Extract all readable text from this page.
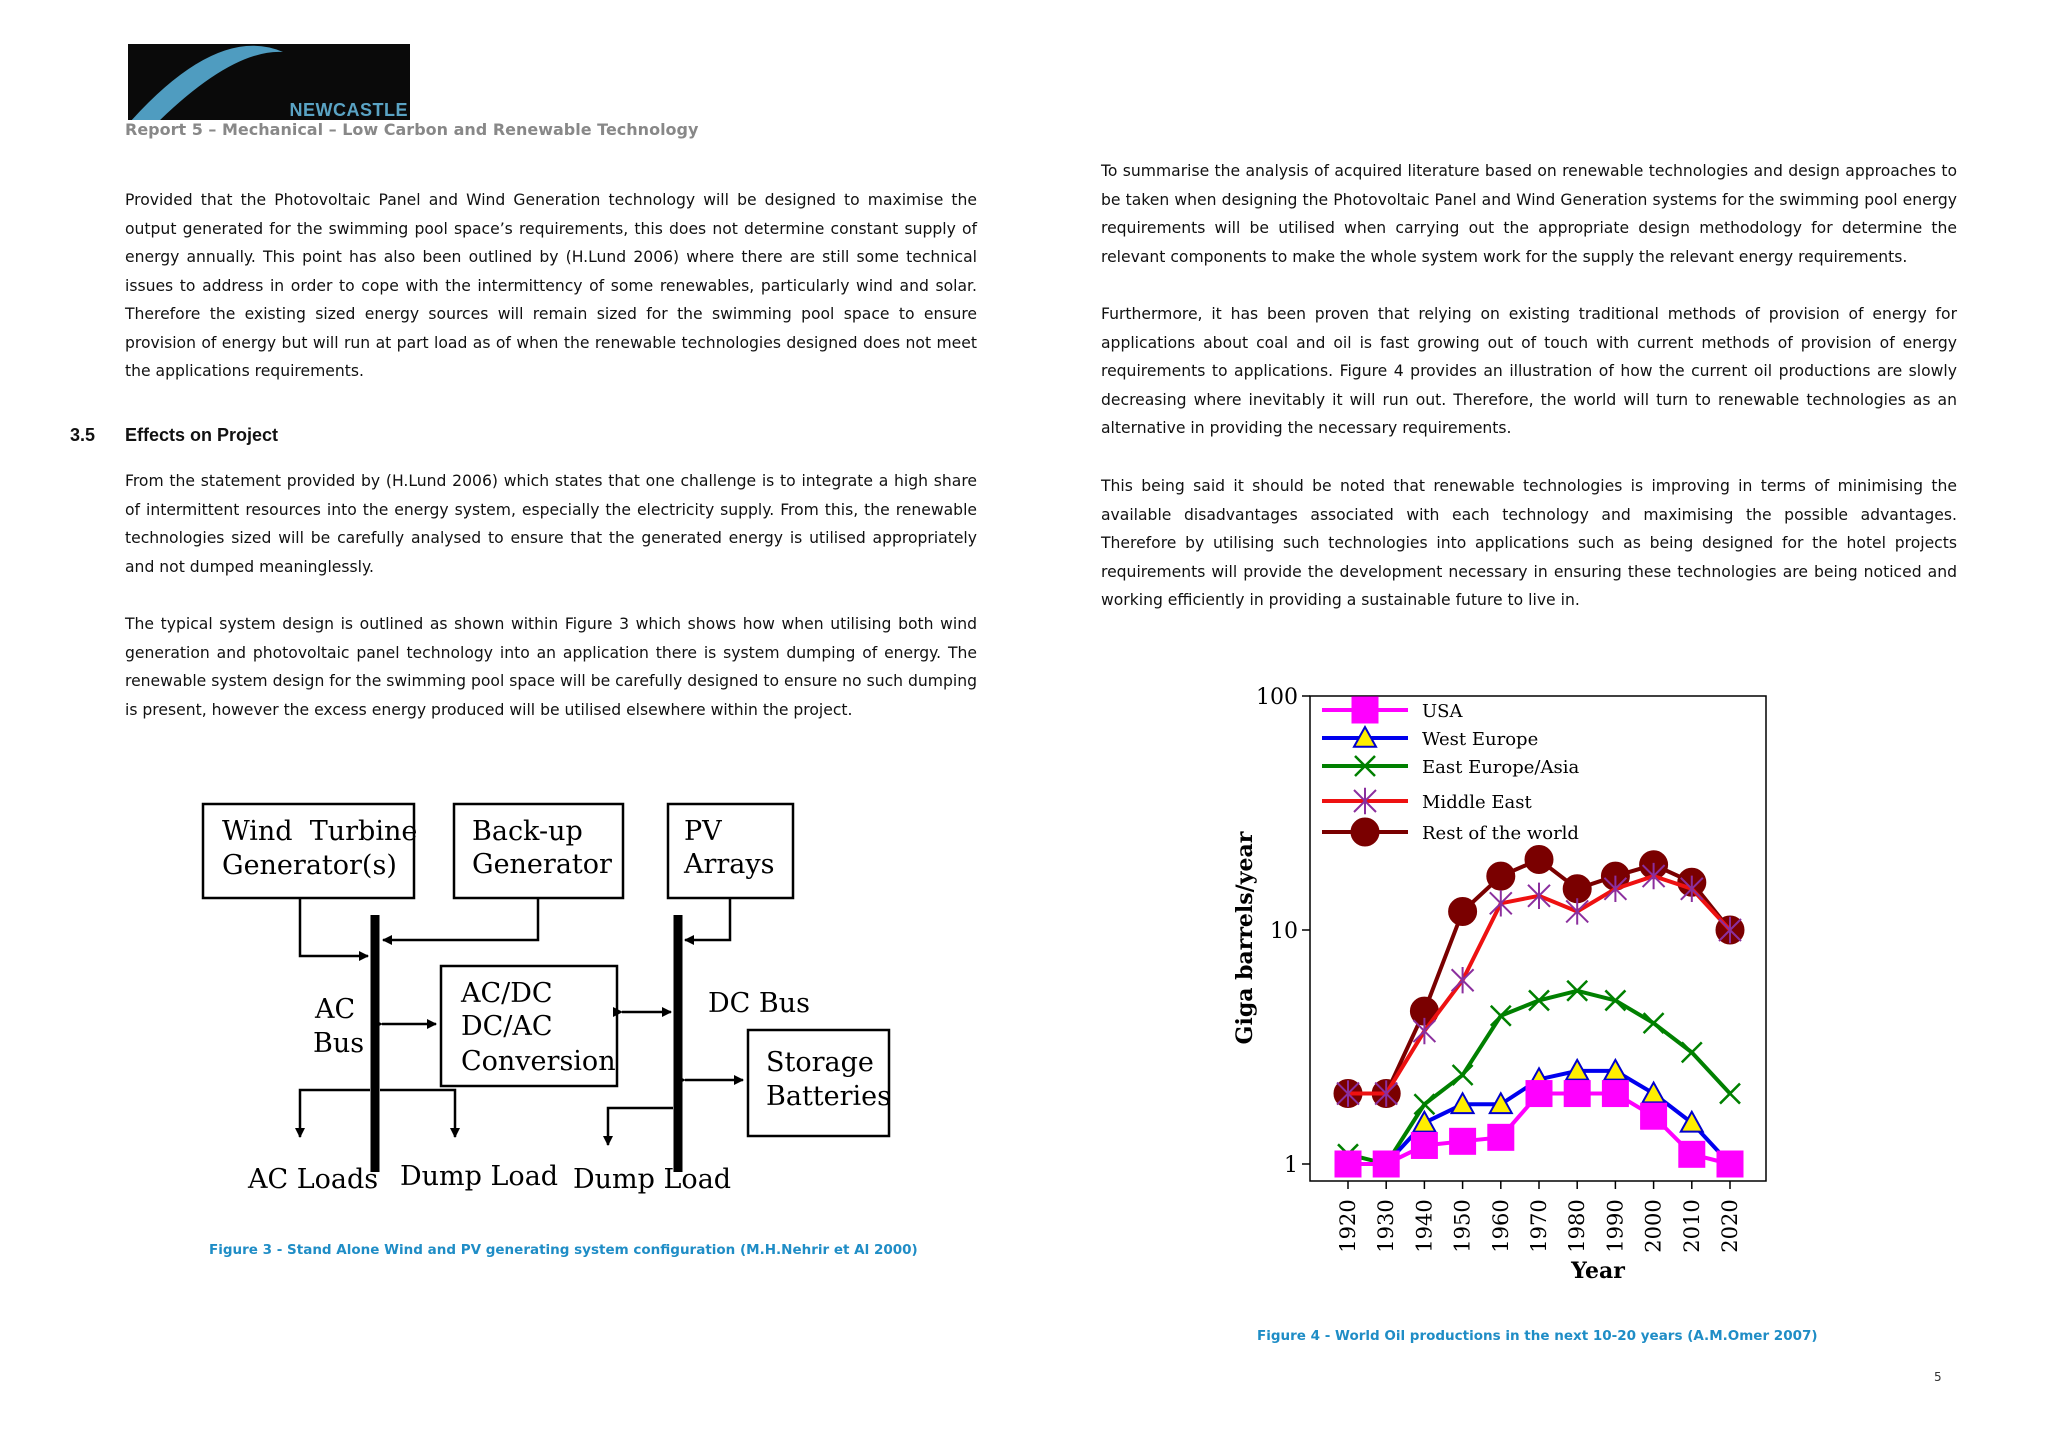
NEWCASTLE
Report 5 – Mechanical – Low Carbon and Renewable Technology
Provided that the Photovoltaic Panel and Wind Generation technology will be designed to maximise the output generated for the swimming pool space’s requirements, this does not determine constant supply of energy annually. This point has also been outlined by (H.Lund 2006) where there are still some technical issues to address in order to cope with the intermittency of some renewables, particularly wind and solar. Therefore the existing sized energy sources will remain sized for the swimming pool space to ensure provision of energy but will run at part load as of when the renewable technologies designed does not meet the applications requirements.
3.5 Effects on Project
From the statement provided by (H.Lund 2006) which states that one challenge is to integrate a high share of intermittent resources into the energy system, especially the electricity supply. From this, the renewable technologies sized will be carefully analysed to ensure that the generated energy is utilised appropriately and not dumped meaninglessly.
The typical system design is outlined as shown within Figure 3 which shows how when utilising both wind generation and photovoltaic panel technology into an application there is system dumping of energy. The renewable system design for the swimming pool space will be carefully designed to ensure no such dumping is present, however the excess energy produced will be utilised elsewhere within the project.
Wind  Turbine
Generator(s)
Back-up
Generator
PV
Arrays
AC/DC
DC/AC
Conversion	Storage
Batteries
AC
Bus
DC Bus
AC Loads Dump Load Dump Load
Figure 3 - Stand Alone Wind and PV generating system configuration (M.H.Nehrir et Al 2000)
To summarise the analysis of acquired literature based on renewable technologies and design approaches to be taken when designing the Photovoltaic Panel and Wind Generation systems for the swimming pool energy requirements will be utilised when carrying out the appropriate design methodology for determine the relevant components to make the whole system work for the supply the relevant energy requirements.
Furthermore, it has been proven that relying on existing traditional methods of provision of energy for applications about coal and oil is fast growing out of touch with current methods of provision of energy requirements to applications. Figure 4 provides an illustration of how the current oil productions are slowly decreasing where inevitably it will run out. Therefore, the world will turn to renewable technologies as an alternative in providing the necessary requirements.
This being said it should be noted that renewable technologies is improving in terms of minimising the available disadvantages associated with each technology and maximising the possible advantages. Therefore by utilising such technologies into applications such as being designed for the hotel projects requirements will provide the development necessary in ensuring these technologies are being noticed and working efficiently in providing a sustainable future to live in.
1
10
100
1920 1930 1940 1950 1960 1970 1980 1990 2000 2010 2020
USA
West Europe
East Europe/Asia
Middle East
Rest of the world
Year
Giga barrels/year
Figure 4 - World Oil productions in the next 10-20 years (A.M.Omer 2007)
5
